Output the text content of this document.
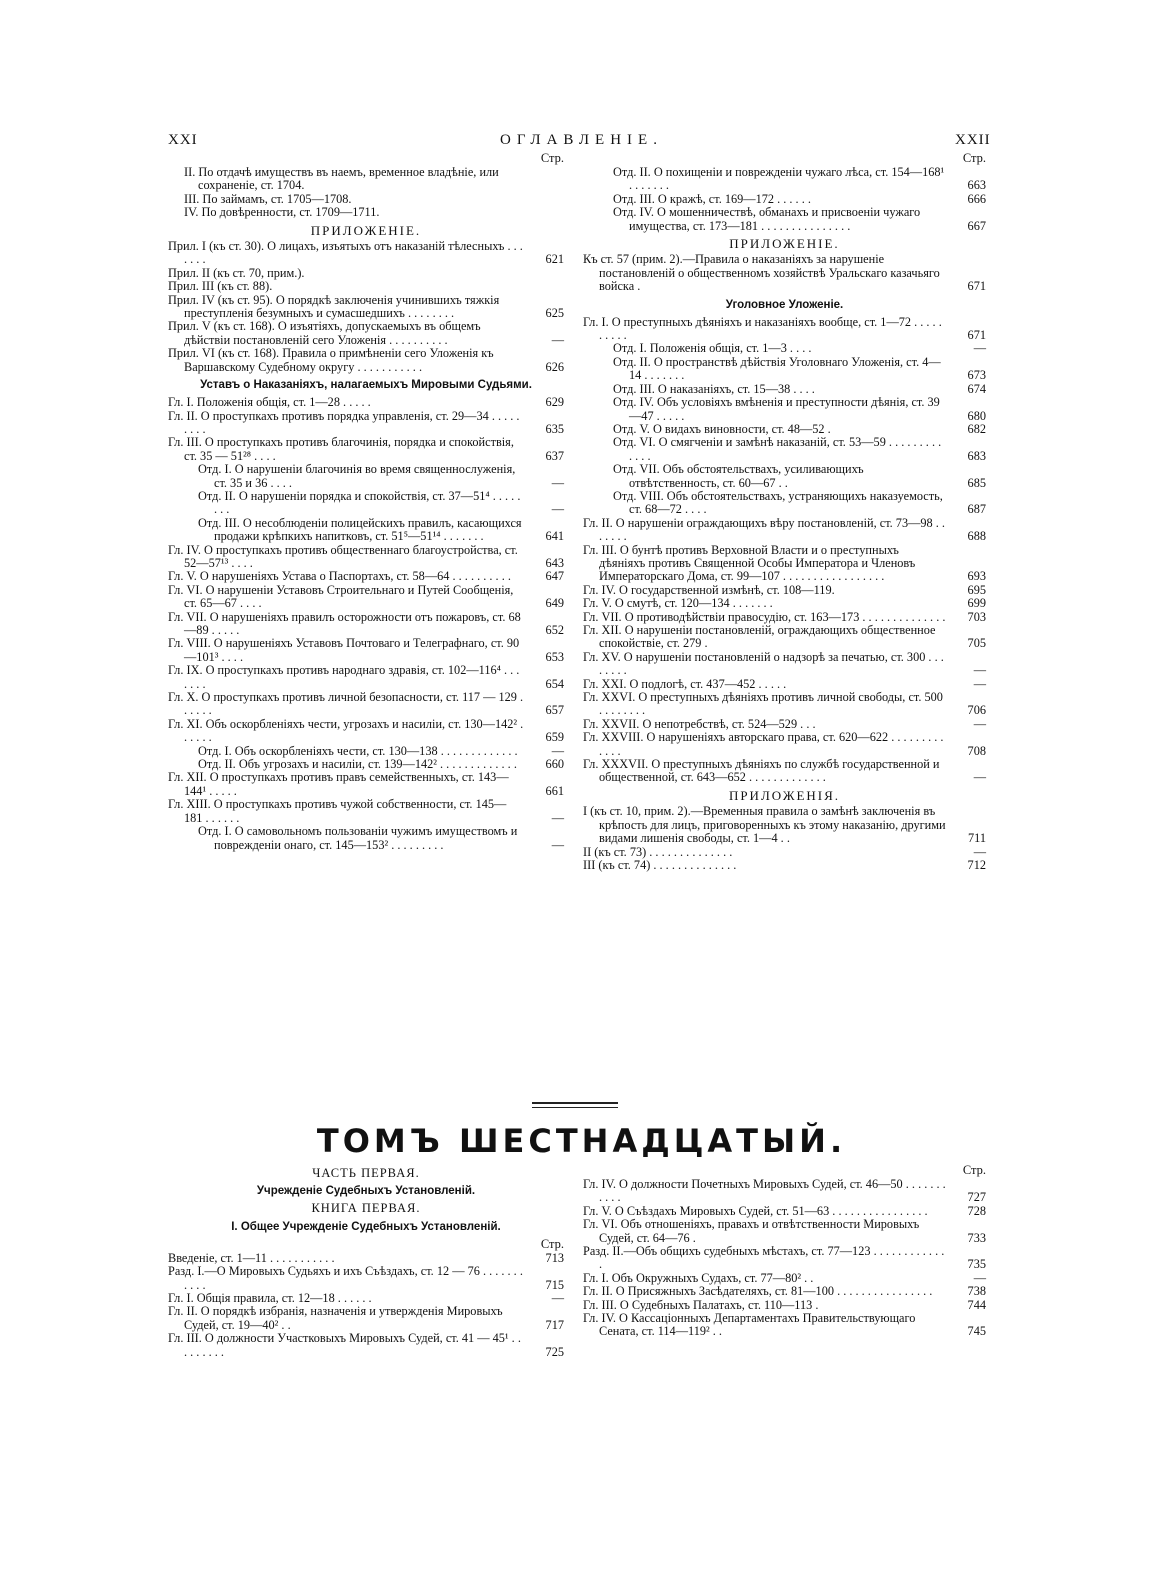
XXI	ОГЛАВЛЕНІЕ.	XXII
Стр.
II. По отдачѣ имуществъ въ наемъ, временное владѣніе, или сохраненіе, ст. 1704.
III. По займамъ, ст. 1705—1708.
IV. По довѣренности, ст. 1709—1711.
ПРИЛОЖЕНІЕ.
Прил. I (къ ст. 30). О лицахъ, изъятыхъ отъ наказаній тѣлесныхъ . . . . . . .	621
Прил. II (къ ст. 70, прим.).
Прил. III (къ ст. 88).
Прил. IV (къ ст. 95). О порядкѣ заключенія учинившихъ тяжкія преступленія безумныхъ и сумасшедшихъ . . . . . . . .	625
Прил. V (къ ст. 168). О изъятіяхъ, допускаемыхъ въ общемъ дѣйствіи постановленій сего Уложенія . . . . . . . . . .	—
Прил. VI (къ ст. 168). Правила о примѣненіи сего Уложенія къ Варшавскому Судебному округу . . . . . . . . . . .	626
Уставъ о Наказаніяхъ, налагаемыхъ Мировыми Судьями.
Гл. I. Положенія общія, ст. 1—28 . . . . .	629
Гл. II. О проступкахъ противъ порядка управленія, ст. 29—34 . . . . . . . . .	635
Гл. III. О проступкахъ противъ благочинія, порядка и спокойствія, ст. 35 — 51²⁸ . . . .	637
Отд. I. О нарушеніи благочинія во время священнослуженія, ст. 35 и 36 . . . .	—
Отд. II. О нарушеніи порядка и спокойствія, ст. 37—51⁴ . . . . . . . .	—
Отд. III. О несоблюденіи полицейскихъ правилъ, касающихся продажи крѣпкихъ напитковъ, ст. 51⁵—51¹⁴ . . . . . . .	641
Гл. IV. О проступкахъ противъ общественнаго благоустройства, ст. 52—57¹³ . . . .	643
Гл. V. О нарушеніяхъ Устава о Паспортахъ, ст. 58—64 . . . . . . . . . .	647
Гл. VI. О нарушеніи Уставовъ Строительнаго и Путей Сообщенія, ст. 65—67 . . . .	649
Гл. VII. О нарушеніяхъ правилъ осторожности отъ пожаровъ, ст. 68—89 . . . . .	652
Гл. VIII. О нарушеніяхъ Уставовъ Почтоваго и Телеграфнаго, ст. 90—101³ . . . .	653
Гл. IX. О проступкахъ противъ народнаго здравія, ст. 102—116⁴ . . . . . . .	654
Гл. X. О проступкахъ противъ личной безопасности, ст. 117 — 129 . . . . . .	657
Гл. XI. Объ оскорбленіяхъ чести, угрозахъ и насиліи, ст. 130—142² . . . . . .	659
Отд. I. Объ оскорбленіяхъ чести, ст. 130—138 . . . . . . . . . . . . .	—
Отд. II. Объ угрозахъ и насиліи, ст. 139—142² . . . . . . . . . . . . .	660
Гл. XII. О проступкахъ противъ правъ семейственныхъ, ст. 143—144¹ . . . . .	661
Гл. XIII. О проступкахъ противъ чужой собственности, ст. 145—181 . . . . . .	—
Отд. I. О самовольномъ пользованіи чужимъ имуществомъ и поврежденіи онаго, ст. 145—153² . . . . . . . . .	—
Стр.
Отд. II. О похищеніи и поврежденіи чужаго лѣса, ст. 154—168¹ . . . . . . .	663
Отд. III. О кражѣ, ст. 169—172 . . . . . .	666
Отд. IV. О мошенничествѣ, обманахъ и присвоеніи чужаго имущества, ст. 173—181 . . . . . . . . . . . . . . .	667
ПРИЛОЖЕНІЕ.
Къ ст. 57 (прим. 2).—Правила о наказаніяхъ за нарушеніе постановленій о общественномъ хозяйствѣ Уральскаго казачьяго войска .	671
Уголовное Уложеніе.
Гл. I. О преступныхъ дѣяніяхъ и наказаніяхъ вообще, ст. 1—72 . . . . . . . . . .	671
Отд. I. Положенія общія, ст. 1—3 . . . .	—
Отд. II. О пространствѣ дѣйствія Уголовнаго Уложенія, ст. 4—14 . . . . . . .	673
Отд. III. О наказаніяхъ, ст. 15—38 . . . .	674
Отд. IV. Объ условіяхъ вмѣненія и преступности дѣянія, ст. 39—47 . . . . .	680
Отд. V. О видахъ виновности, ст. 48—52 .	682
Отд. VI. О смягченіи и замѣнѣ наказаній, ст. 53—59 . . . . . . . . . . . . .	683
Отд. VII. Объ обстоятельствахъ, усиливающихъ отвѣтственность, ст. 60—67 . .	685
Отд. VIII. Объ обстоятельствахъ, устраняющихъ наказуемость, ст. 68—72 . . . .	687
Гл. II. О нарушеніи ограждающихъ вѣру постановленій, ст. 73—98 . . . . . . .	688
Гл. III. О бунтѣ противъ Верховной Власти и о преступныхъ дѣяніяхъ противъ Священной Особы Императора и Членовъ Императорскаго Дома, ст. 99—107 . . . . . . . . . . . . . . . . .	693
Гл. IV. О государственной измѣнѣ, ст. 108—119.	695
Гл. V. О смутѣ, ст. 120—134 . . . . . . .	699
Гл. VII. О противодѣйствіи правосудію, ст. 163—173 . . . . . . . . . . . . . .	703
Гл. XII. О нарушеніи постановленій, ограждающихъ общественное спокойствіе, ст. 279 .	705
Гл. XV. О нарушеніи постановленій о надзорѣ за печатью, ст. 300 . . . . . . . .	—
Гл. XXI. О подлогѣ, ст. 437—452 . . . . .	—
Гл. XXVI. О преступныхъ дѣяніяхъ противъ личной свободы, ст. 500 . . . . . . . .	706
Гл. XXVII. О непотребствѣ, ст. 524—529 . . .	—
Гл. XXVIII. О нарушеніяхъ авторскаго права, ст. 620—622 . . . . . . . . . . . . .	708
Гл. XXXVII. О преступныхъ дѣяніяхъ по службѣ государственной и общественной, ст. 643—652 . . . . . . . . . . . . .	—
ПРИЛОЖЕНІЯ.
I (къ ст. 10, прим. 2).—Временныя правила о замѣнѣ заключенія въ крѣпость для лицъ, приговоренныхъ къ этому наказанію, другими видами лишенія свободы, ст. 1—4 . .	711
II (къ ст. 73) . . . . . . . . . . . . . .	—
III (къ ст. 74) . . . . . . . . . . . . . .	712
ТОМЪ ШЕСТНАДЦАТЫЙ.
ЧАСТЬ ПЕРВАЯ.
Учрежденіе Судебныхъ Установленій.
КНИГА ПЕРВАЯ.
I. Общее Учрежденіе Судебныхъ Установленій.
Стр.
Введеніе, ст. 1—11 . . . . . . . . . . .	713
Разд. I.—О Мировыхъ Судьяхъ и ихъ Съѣздахъ, ст. 12 — 76 . . . . . . . . . . .	715
Гл. I. Общія правила, ст. 12—18 . . . . . .	—
Гл. II. О порядкѣ избранія, назначенія и утвержденія Мировыхъ Судей, ст. 19—40² . .	717
Гл. III. О должности Участковыхъ Мировыхъ Судей, ст. 41 — 45¹ . . . . . . . . .	725
Стр.
Гл. IV. О должности Почетныхъ Мировыхъ Судей, ст. 46—50 . . . . . . . . . . .	727
Гл. V. О Съѣздахъ Мировыхъ Судей, ст. 51—63 . . . . . . . . . . . . . . . .	728
Гл. VI. Объ отношеніяхъ, правахъ и отвѣтственности Мировыхъ Судей, ст. 64—76 .	733
Разд. II.—Объ общихъ судебныхъ мѣстахъ, ст. 77—123 . . . . . . . . . . . . .	735
Гл. I. Объ Окружныхъ Судахъ, ст. 77—80² . .	—
Гл. II. О Присяжныхъ Засѣдателяхъ, ст. 81—100 . . . . . . . . . . . . . . . .	738
Гл. III. О Судебныхъ Палатахъ, ст. 110—113 .	744
Гл. IV. О Кассаціонныхъ Департаментахъ Правительствующаго Сената, ст. 114—119² . .	745
